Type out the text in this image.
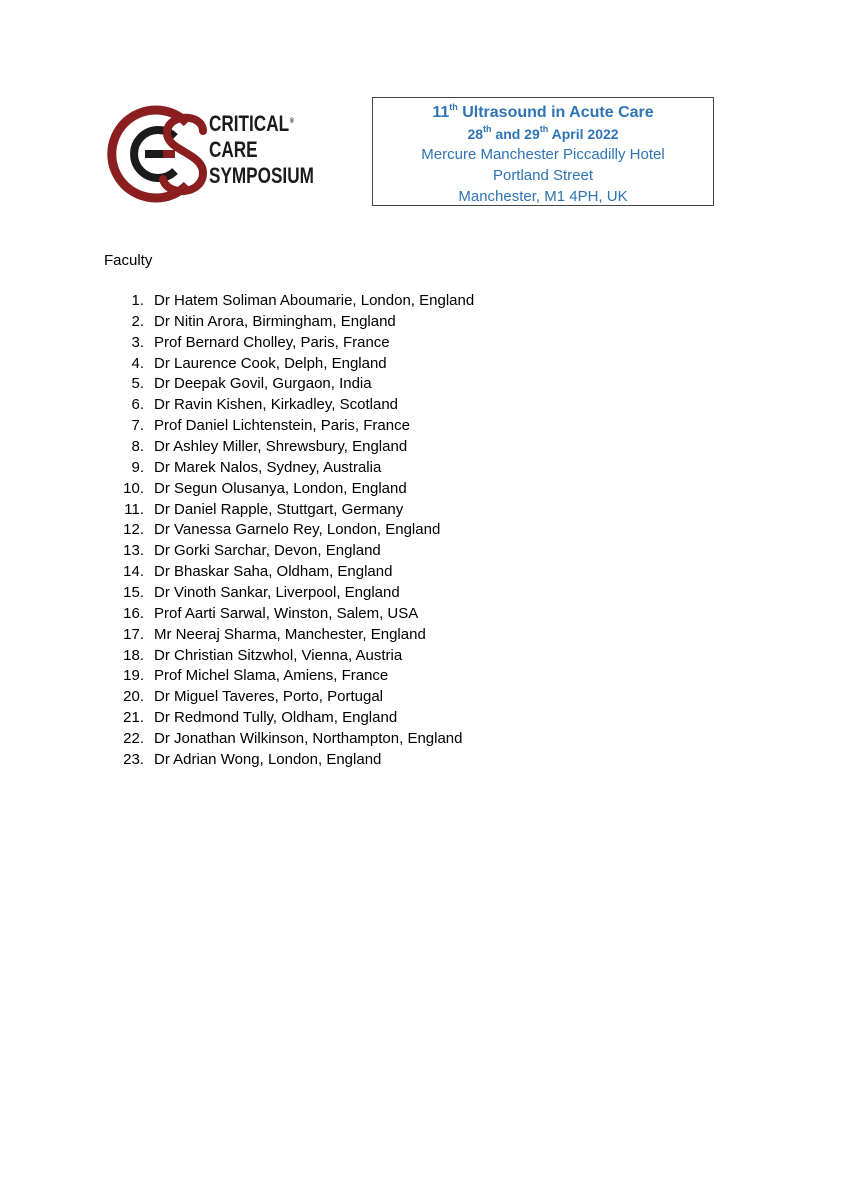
CRITICAL®
CARE
SYMPOSIUM
11th Ultrasound in Acute Care
28th and 29th April 2022
Mercure Manchester Piccadilly Hotel
Portland Street
Manchester, M1 4PH, UK
Faculty
1. Dr Hatem Soliman Aboumarie, London, England
2. Dr Nitin Arora, Birmingham, England
3. Prof Bernard Cholley, Paris, France
4. Dr Laurence Cook, Delph, England
5. Dr Deepak Govil, Gurgaon, India
6. Dr Ravin Kishen, Kirkadley, Scotland
7. Prof Daniel Lichtenstein, Paris, France
8. Dr Ashley Miller, Shrewsbury, England
9. Dr Marek Nalos, Sydney, Australia
10. Dr Segun Olusanya, London, England
11. Dr Daniel Rapple, Stuttgart, Germany
12. Dr Vanessa Garnelo Rey, London, England
13. Dr Gorki Sarchar, Devon, England
14. Dr Bhaskar Saha, Oldham, England
15. Dr Vinoth Sankar, Liverpool, England
16. Prof Aarti Sarwal, Winston, Salem, USA
17. Mr Neeraj Sharma, Manchester, England
18. Dr Christian Sitzwhol, Vienna, Austria
19. Prof Michel Slama, Amiens, France
20. Dr Miguel Taveres, Porto, Portugal
21. Dr Redmond Tully, Oldham, England
22. Dr Jonathan Wilkinson, Northampton, England
23. Dr Adrian Wong, London, England
